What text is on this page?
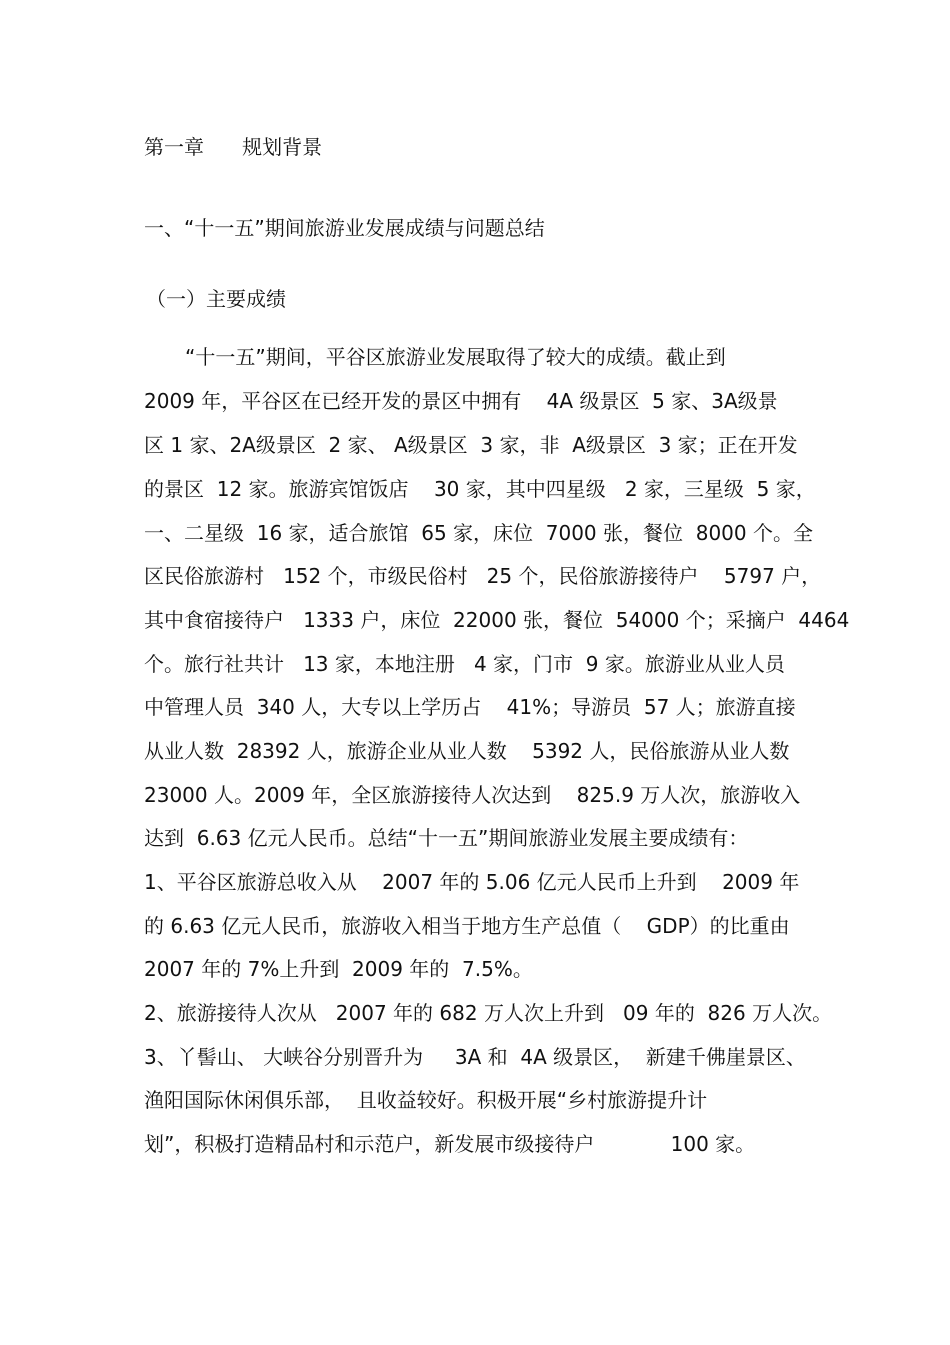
第一章      规划背景
一、“十一五”期间旅游业发展成绩与问题总结
（一）主要成绩
“十一五”期间，平谷区旅游业发展取得了较大的成绩。截止到
2009 年，平谷区在已经开发的景区中拥有    4A 级景区  5 家、3A级景
区 1 家、2A级景区  2 家、 A级景区  3 家，非  A级景区  3 家；正在开发
的景区  12 家。旅游宾馆饭店    30 家，其中四星级   2 家，三星级  5 家，
一、二星级  16 家，适合旅馆  65 家，床位  7000 张，餐位  8000 个。全
区民俗旅游村   152 个，市级民俗村   25 个，民俗旅游接待户    5797 户，
其中食宿接待户   1333 户，床位  22000 张，餐位  54000 个；采摘户  4464
个。旅行社共计   13 家，本地注册   4 家，门市  9 家。旅游业从业人员
中管理人员  340 人，大专以上学历占    41%；导游员  57 人；旅游直接
从业人数  28392 人，旅游企业从业人数    5392 人，民俗旅游从业人数
23000 人。2009 年，全区旅游接待人次达到    825.9 万人次，旅游收入
达到  6.63 亿元人民币。总结“十一五”期间旅游业发展主要成绩有：
1、平谷区旅游总收入从    2007 年的 5.06 亿元人民币上升到    2009 年
的 6.63 亿元人民币，旅游收入相当于地方生产总值（    GDP）的比重由
2007 年的 7%上升到  2009 年的  7.5%。
2、旅游接待人次从   2007 年的 682 万人次上升到   09 年的  826 万人次。
3、丫髻山、 大峡谷分别晋升为     3A 和  4A 级景区，  新建千佛崖景区、
渔阳国际休闲俱乐部，  且收益较好。积极开展“乡村旅游提升计
划”，积极打造精品村和示范户，新发展市级接待户            100 家。
